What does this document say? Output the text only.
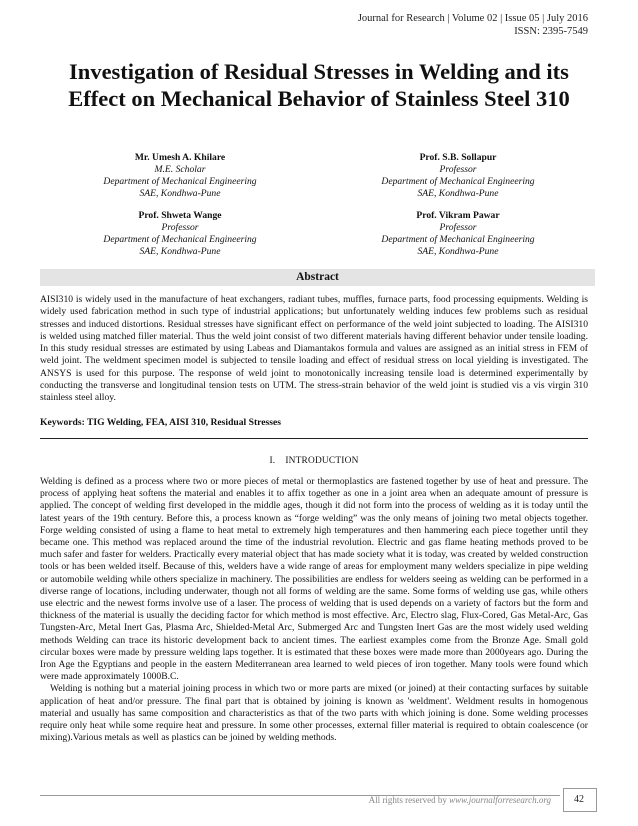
Journal for Research | Volume 02 | Issue 05 | July 2016
ISSN: 2395-7549
Investigation of Residual Stresses in Welding and its Effect on Mechanical Behavior of Stainless Steel 310
Mr. Umesh A. Khilare
M.E. Scholar
Department of Mechanical Engineering
SAE, Kondhwa-Pune
Prof. S.B. Sollapur
Professor
Department of Mechanical Engineering
SAE, Kondhwa-Pune
Prof. Shweta Wange
Professor
Department of Mechanical Engineering
SAE, Kondhwa-Pune
Prof. Vikram Pawar
Professor
Department of Mechanical Engineering
SAE, Kondhwa-Pune
Abstract
AISI310 is widely used in the manufacture of heat exchangers, radiant tubes, muffles, furnace parts, food processing equipments. Welding is widely used fabrication method in such type of industrial applications; but unfortunately welding induces few problems such as residual stresses and induced distortions. Residual stresses have significant effect on performance of the weld joint subjected to loading. The AISI310 is welded using matched filler material. Thus the weld joint consist of two different materials having different behavior under tensile loading. In this study residual stresses are estimated by using Labeas and Diamantakos formula and values are assigned as an initial stress in FEM of weld joint. The weldment specimen model is subjected to tensile loading and effect of residual stress on local yielding is investigated. The ANSYS is used for this purpose. The response of weld joint to monotonically increasing tensile load is determined experimentally by conducting the transverse and longitudinal tension tests on UTM. The stress-strain behavior of the weld joint is studied vis a vis virgin 310 stainless steel alloy.
Keywords: TIG Welding, FEA, AISI 310, Residual Stresses
I. INTRODUCTION

Welding is defined as a process where two or more pieces of metal or thermoplastics are fastened together by use of heat and pressure. The process of applying heat softens the material and enables it to affix together as one in a joint area when an adequate amount of pressure is applied. The concept of welding first developed in the middle ages, though it did not form into the process of welding as it is today until the latest years of the 19th century. Before this, a process known as “forge welding” was the only means of joining two metal objects together. Forge welding consisted of using a flame to heat metal to extremely high temperatures and then hammering each piece together until they became one. This method was replaced around the time of the industrial revolution. Electric and gas flame heating methods proved to be much safer and faster for welders. Practically every material object that has made society what it is today, was created by welded construction tools or has been welded itself. Because of this, welders have a wide range of areas for employment many welders specialize in pipe welding or automobile welding while others specialize in machinery. The possibilities are endless for welders seeing as welding can be performed in a diverse range of locations, including underwater, though not all forms of welding are the same. Some forms of welding use gas, while others use electric and the newest forms involve use of a laser. The process of welding that is used depends on a variety of factors but the form and thickness of the material is usually the deciding factor for which method is most effective. Arc, Electro slag, Flux-Cored, Gas Metal-Arc, Gas Tungsten-Arc, Metal Inert Gas, Plasma Arc, Shielded-Metal Arc, Submerged Arc and Tungsten Inert Gas are the most widely used welding methods Welding can trace its historic development back to ancient times. The earliest examples come from the Bronze Age. Small gold circular boxes were made by pressure welding laps together. It is estimated that these boxes were made more than 2000years ago. During the Iron Age the Egyptians and people in the eastern Mediterranean area learned to weld pieces of iron together. Many tools were found which were made approximately 1000B.C.

Welding is nothing but a material joining process in which two or more parts are mixed (or joined) at their contacting surfaces by suitable application of heat and/or pressure. The final part that is obtained by joining is known as 'weldment'. Weldment results in homogenous material and usually has same composition and characteristics as that of the two parts with which joining is done. Some welding processes require only heat while some require heat and pressure. In some other processes, external filler material is required to obtain coalescence (or mixing).Various metals as well as plastics can be joined by welding methods.

All rights reserved by www.journalforresearch.org	42
